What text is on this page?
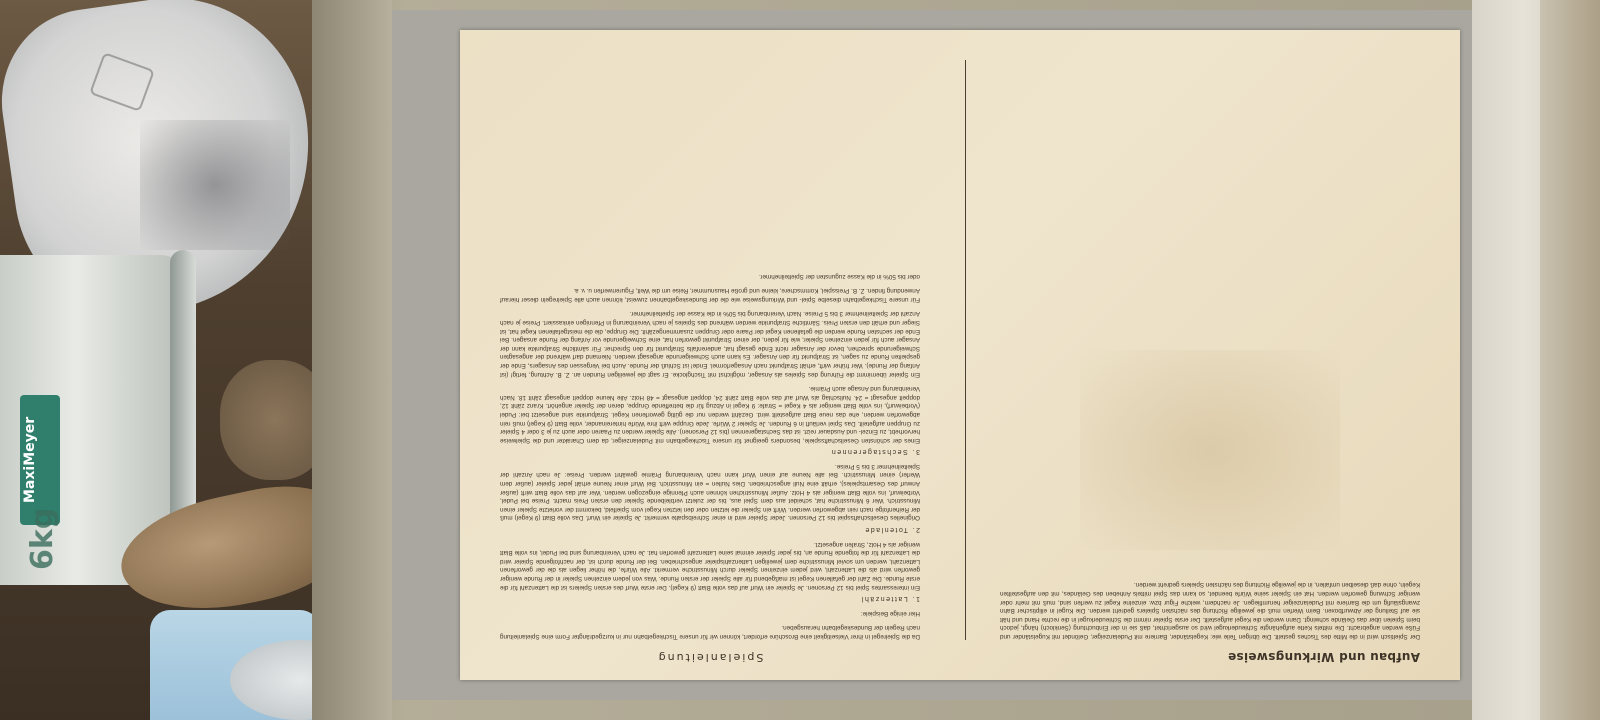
MaxiMeyer
6kg
Aufbau und Wirkungsweise
Spielanleitung

Der Spieltisch wird in die Mitte des Tisches gestellt. Die übrigen Teile wie: Kegelständer, Barriere mit Pudelanzeiger, Gelöndet mit Kugelständer und Füße werden angebracht. Die mittels Kette aufgehängte Schleuderkugel wird so ausgerichtet, daß sie in der Einbuchtung (Senkloch) hängt, jedoch beim Spielen über das Gelände schwingt. Dann werden die Kegel aufgestellt. Der erste Spieler nimmt die Schleuderkugel in die rechte Hand und hält sie auf Stellung der Abwurfboxen. Beim Werfen muß die jeweilige Richtung des nächsten Spielers gedreht werden. Die Kugel in elliptischer Bahn zwangsläufig um die Barriere mit Pudelanzeiger herumfliegen. Je nachdem, welche Figur bzw. einzelne Kegel zu werfen sind, muß mit mehr oder weniger Schwung geworfen werden. Hat ein Spieler seine Würfe beendet, so kann das Spiel mittels Anheben des Geländes, mit den aufgestellten Kegeln, ohne daß dieselben umfallen, in die jeweilige Richtung des nächsten Spielers gedreht werden.

Da die Spielregel in ihrer Vielseitigkeit eine Broschüre erfordert, können wir für unsere Tischkegelbahn nur in kurzgedrängter Form eine Spielanleitung nach Regeln der Bundeskegelbahn herausgeben.

Hier einige Beispiele:

1. Lattenzähl

Ein interessantes Spiel bis 12 Personen. Je Spieler ein Wurf auf das volle Blatt (9 Kegel). Der erste Wurf des ersten Spielers ist die Lattenzahl für die erste Runde. Die Zahl der gefallenen Kegel ist maßgebend für alle Spieler der ersten Runde. Was von jedem einzelnen Spieler in der Runde weniger geworfen wird als die Lattenzahl, wird jedem einzelnen Spieler durch Minusstriche vermerkt. Alle Würfe, die höher liegen als die der geworfenen Lattenzahl, werden um soviel Minusstriche dem jeweiligen Lattenzahlspieler angeschrieben. Bei der Runde durch ist, der nachfolgende Spieler wird die Lattenzahl für die folgende Runde an, bis jeder Spieler einmal seine Lattenzahl geworfen hat. Je nach Vereinbarung sind bei Pudel, ins volle Blatt weniger als 4 Holz, Strafen angesetzt.

2. Totenlade

Originelles Gesellschaftsspiel bis 12 Personen. Jeder Spieler wird in einer Schreibspalte vermerkt. Je Spieler ein Wurf. Das volle Blatt (9 Kegel) muß der Reihenfolge nach rein abgeworfen werden. Wirft ein Spieler die letzten oder den letzten Kegel vom Spielfeld, bekommt der vorletzte Spieler einen Minusstrich. Wer 6 Minusstriche hat, scheidet aus dem Spiel aus, bis der zuletzt verbleibende Spieler den ersten Preis macht. Preise bei Pudel, Vorbeiwurf, ins volle Blatt weniger als 4 Holz. Außer Minusstrichen können auch Pfennige eingezogen werden. Wer auf das volle Blatt wirft (außer Anwurf des Gesamtspieles), erhält eine Null angeschrieben. Dies Nullen = ein Minusstrich. Bei Wurf einer Neune erhält jeder Spieler (außer dem Werfer) einen Minusstrich. Bei alle Neune auf einen Wurf kann nach Vereinbarung Prämie gewährt werden. Preise: Je nach Anzahl der Spielteilnehmer 3 bis 5 Preise.

3. Sechstagerennen

Eines der schönsten Gesellschaftsspiele, besonders geeignet für unsere Tischkegelbahn mit Pudelanzeiger, da dem Charakter und die Spielweise hervorhebt, zu Einzel- und Ausdauer reizt. ist das Sechstagerennen (bis 12 Personen). Alle Spieler werden zu Paaren oder auch zu je 3 oder 4 Spieler zu Gruppen aufgeteilt. Das Spiel verläuft in 6 Runden. Je Spieler 2 Würfe. Jede Gruppe wirft ihre Würfe hintereinander, volle Blatt (9 Kegel) muß rein abgeworfen werden, ehe das neue Blatt aufgestellt wird. Gezählt werden nur die gültig geworfenen Kegel. Strafpunkte sind angesetzt bei: Pudel (Vorbeiwurf), ins volle Blatt weniger als 4 Kegel = Strafe: 9 Kegel in Abzug für die betreffende Gruppe, deren der Spieler angehört. Kranz zählt 12, doppelt angesagt = 24. Nullschlag als Wurf auf das volle Blatt zählt 24, doppelt angesagt = 48 Holz. Alle Neune doppelt angesagt zählt 18. Nach Vereinbarung und Ansage auch Prämie.

Ein Spieler übernimmt die Führung des Spieles als Ansager, möglichst mit Tischglocke. Er sagt die jeweiligen Runden an. Z. B. Achtung, fertig! (ist Anfang der Runde). Wer früher wirft, erhält Strafpunkt nach Ansagerformel. Ende! ist Schluß der Runde. Auch bei Vergessen des Ansagers, Ende der gespielten Runde zu sagen, ist Strafpunkt für den Ansager. Es kann auch Schweigerunde angesagt werden. Niemand darf während der angesagten Schweigerunde sprechen, bevor der Ansager nicht Ende gesagt hat, anderenfalls Strafpunkt für den Sprecher. Für sämtliche Strafpunkte kann der Ansager auch für jeden einzelnen Spieler, wie für jeden, der einen Strafpunkt geworfen hat, eine Schweigerunde vor Anfang der Runde ansagen. Bei Ende der sechsten Runde werden die gefallenen Kegel der Paare oder Gruppen zusammengezählt. Die Gruppe, die die meistgefallenen Kegel hat, ist Sieger und erhält den ersten Preis. Sämtliche Strafpunkte werden während des Spieles je nach Vereinbarung in Pfennigen einkassiert. Preise je nach Anzahl der Spielteilnehmer 3 bis 5 Preise. Nach Vereinbarung bis 50% in die Kasse der Spielteilnehmer.

Für unsere Tischkegelbahn dieselbe Spiel- und Wirkungsweise wie die der Bundeskegelbahnen zuweist, können auch alle Spielregeln dieser hierauf Anwendung finden. Z. B. Preisspiel, Kommschere, kleine und große Hausnummer, Reise um die Welt, Figurenwerfen u. v. a.

oder bis 50% in die Kasse zugunsten der Spielteilnehmer.
